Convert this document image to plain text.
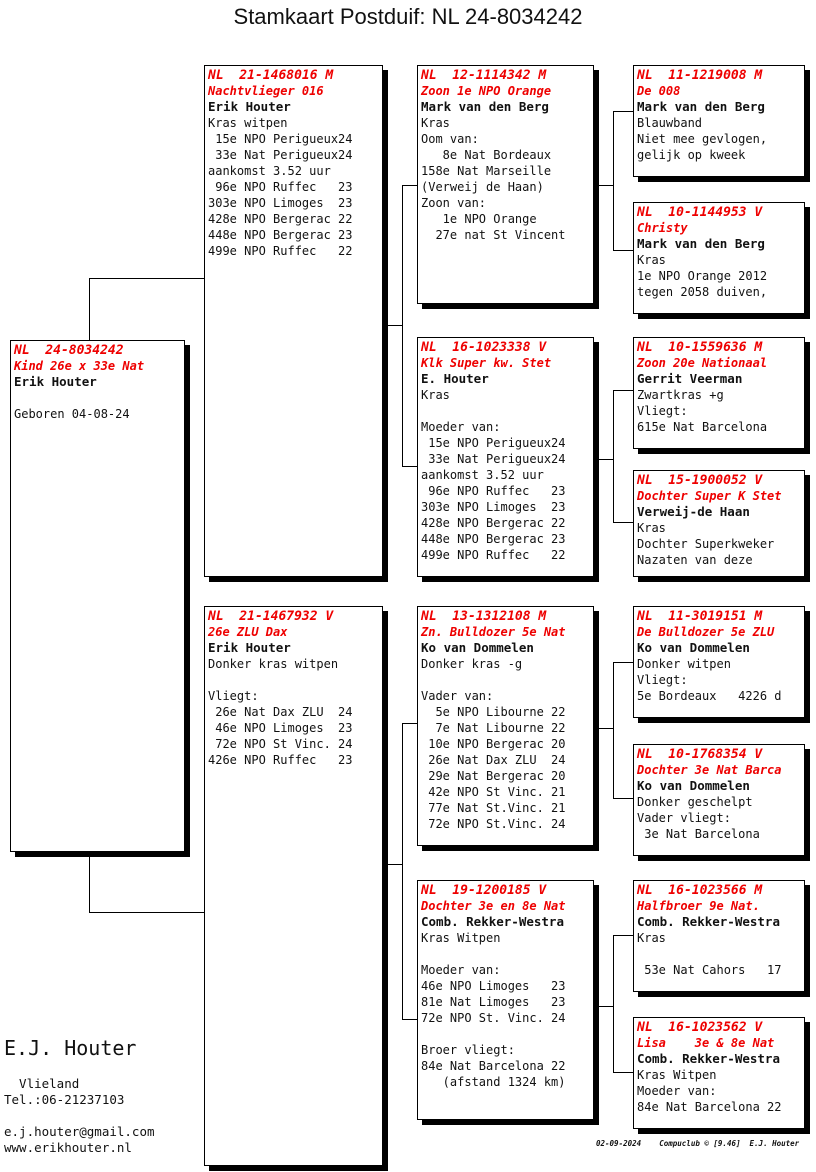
Stamkaart Postduif: NL 24-8034242
NL  24-8034242
Kind 26e x 33e Nat
Erik Houter

Geboren 04-08-24
NL  21-1468016 M
Nachtvlieger 016
Erik Houter
Kras witpen
15e NPO Perigueux24
33e Nat Perigueux24
aankomst 3.52 uur
96e NPO Ruffec   23
303e NPO Limoges  23
428e NPO Bergerac 22
448e NPO Bergerac 23
499e NPO Ruffec   22
NL  21-1467932 V
26e ZLU Dax
Erik Houter
Donker kras witpen

Vliegt:
26e Nat Dax ZLU  24
46e NPO Limoges  23
72e NPO St Vinc. 24
426e NPO Ruffec   23
NL  12-1114342 M
Zoon 1e NPO Orange
Mark van den Berg
Kras
Oom van:
8e Nat Bordeaux
158e Nat Marseille
(Verweij de Haan)
Zoon van:
1e NPO Orange
27e nat St Vincent
NL  16-1023338 V
Klk Super kw. Stet
E. Houter
Kras

Moeder van:
15e NPO Perigueux24
33e Nat Perigueux24
aankomst 3.52 uur
96e NPO Ruffec   23
303e NPO Limoges  23
428e NPO Bergerac 22
448e NPO Bergerac 23
499e NPO Ruffec   22
NL  13-1312108 M
Zn. Bulldozer 5e Nat
Ko van Dommelen
Donker kras -g

Vader van:
5e NPO Libourne 22
7e Nat Libourne 22
10e NPO Bergerac 20
26e Nat Dax ZLU  24
29e Nat Bergerac 20
42e NPO St Vinc. 21
77e Nat St.Vinc. 21
72e NPO St.Vinc. 24
NL  19-1200185 V
Dochter 3e en 8e Nat
Comb. Rekker-Westra
Kras Witpen

Moeder van:
46e NPO Limoges   23
81e Nat Limoges   23
72e NPO St. Vinc. 24

Broer vliegt:
84e Nat Barcelona 22
(afstand 1324 km)
NL  11-1219008 M
De 008
Mark van den Berg
Blauwband
Niet mee gevlogen,
gelijk op kweek
NL  10-1144953 V
Christy
Mark van den Berg
Kras
1e NPO Orange 2012
tegen 2058 duiven,
NL  10-1559636 M
Zoon 20e Nationaal
Gerrit Veerman
Zwartkras +g
Vliegt:
615e Nat Barcelona
NL  15-1900052 V
Dochter Super K Stet
Verweij-de Haan
Kras
Dochter Superkweker
Nazaten van deze
NL  11-3019151 M
De Bulldozer 5e ZLU
Ko van Dommelen
Donker witpen
Vliegt:
5e Bordeaux   4226 d
NL  10-1768354 V
Dochter 3e Nat Barca
Ko van Dommelen
Donker geschelpt
Vader vliegt:
3e Nat Barcelona
NL  16-1023566 M
Halfbroer 9e Nat.
Comb. Rekker-Westra
Kras

53e Nat Cahors   17
NL  16-1023562 V
Lisa    3e & 8e Nat
Comb. Rekker-Westra
Kras Witpen
Moeder van:
84e Nat Barcelona 22
E.J. Houter
Vlieland
Tel.:06-21237103
e.j.houter@gmail.com
www.erikhouter.nl	02-09-2024    Compuclub © [9.46]  E.J. Houter
